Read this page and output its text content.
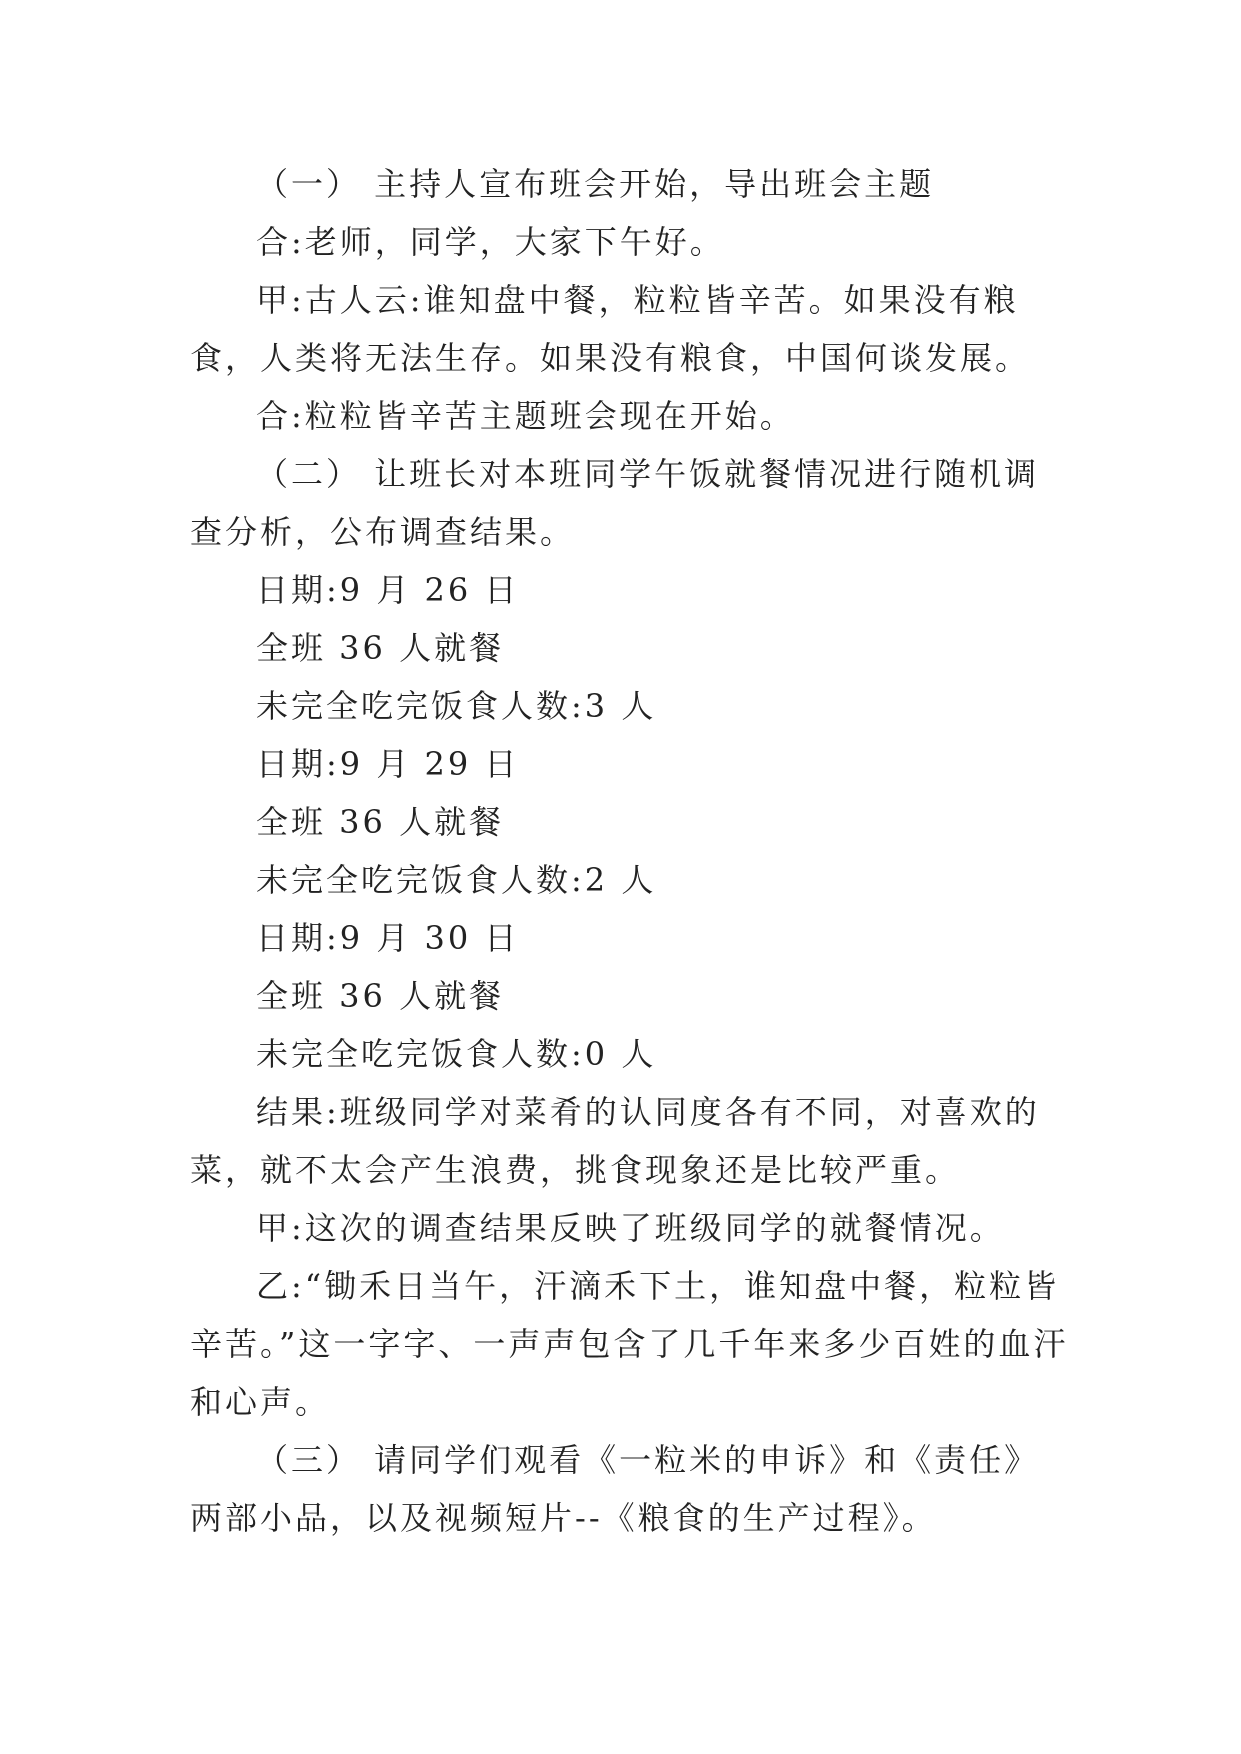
（一） 主持人宣布班会开始，导出班会主题

合:老师，同学，大家下午好。

甲:古人云:谁知盘中餐，粒粒皆辛苦。如果没有粮食，人类将无法生存。如果没有粮食，中国何谈发展。

合:粒粒皆辛苦主题班会现在开始。

（二） 让班长对本班同学午饭就餐情况进行随机调查分析，公布调查结果。

日期:9 月 26 日

全班 36 人就餐

未完全吃完饭食人数:3 人

日期:9 月 29 日

全班 36 人就餐

未完全吃完饭食人数:2 人

日期:9 月 30 日

全班 36 人就餐

未完全吃完饭食人数:0 人

结果:班级同学对菜肴的认同度各有不同，对喜欢的菜，就不太会产生浪费，挑食现象还是比较严重。

甲:这次的调查结果反映了班级同学的就餐情况。

乙:“锄禾日当午，汗滴禾下土，谁知盘中餐，粒粒皆辛苦。”这一字字、一声声包含了几千年来多少百姓的血汗和心声。

（三） 请同学们观看《一粒米的申诉》和《责任》两部小品，以及视频短片--《粮食的生产过程》。
